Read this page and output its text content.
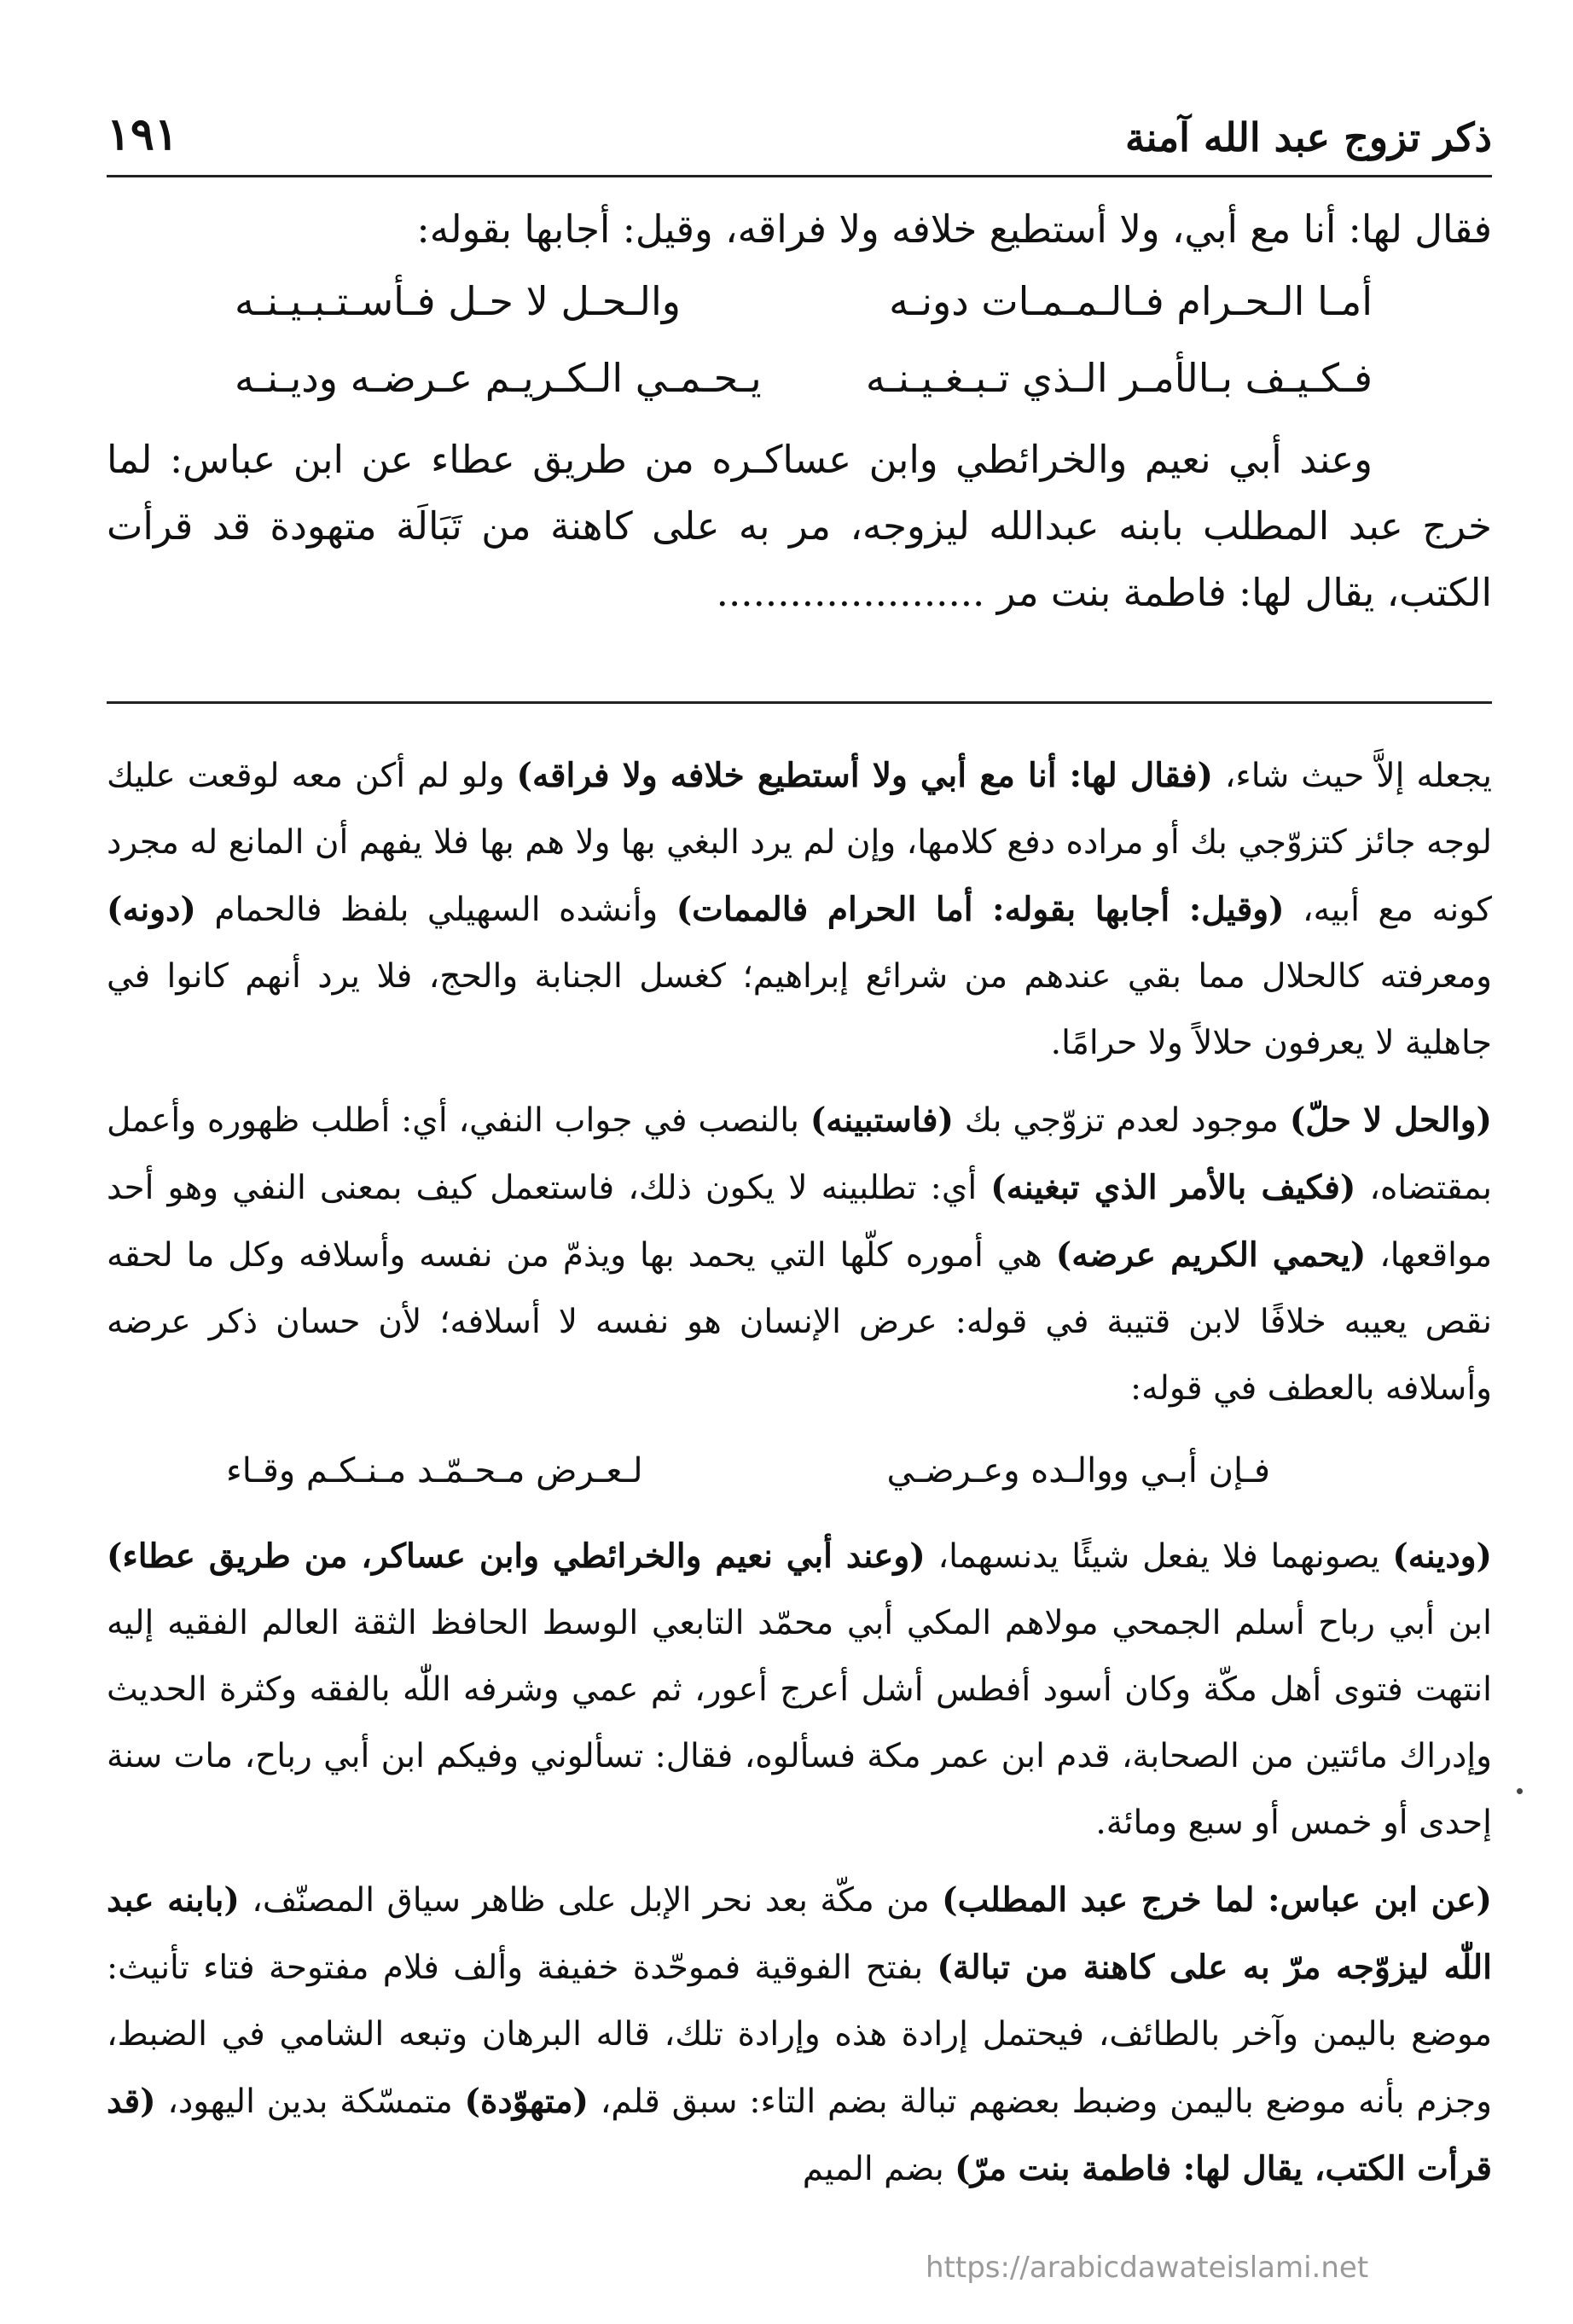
ذكر تزوج عبد الله آمنة
١٩١

فقال لها: أنا مع أبي، ولا أستطيع خلافه ولا فراقه، وقيل: أجابها بقوله:

أمـا الـحـرام فـالـمـمـات دونـه
والـحـل لا حـل فـأسـتـبـيـنـه
فـكـيـف بـالأمـر الـذي تـبـغـيـنـه
يـحـمـي الـكـريـم عـرضـه وديـنـه

وعند أبي نعيم والخرائطي وابن عساكـره من طريق عطاء عن ابن عباس: لما خرج عبد المطلب بابنه عبدالله ليزوجه، مر به على كاهنة من تَبَالَة متهودة قد قرأت الكتب، يقال لها: فاطمة بنت مر ......................

يجعله إلاَّ حيث شاء، (فقال لها: أنا مع أبي ولا أستطيع خلافه ولا فراقه) ولو لم أكن معه لوقعت عليك لوجه جائز كتزوّجي بك أو مراده دفع كلامها، وإن لم يرد البغي بها ولا هم بها فلا يفهم أن المانع له مجرد كونه مع أبيه، (وقيل: أجابها بقوله: أما الحرام فالممات) وأنشده السهيلي بلفظ فالحمام (دونه) ومعرفته كالحلال مما بقي عندهم من شرائع إبراهيم؛ كغسل الجنابة والحج، فلا يرد أنهم كانوا في جاهلية لا يعرفون حلالاً ولا حرامًا.

(والحل لا حلّ) موجود لعدم تزوّجي بك (فاستبينه) بالنصب في جواب النفي، أي: أطلب ظهوره وأعمل بمقتضاه، (فكيف بالأمر الذي تبغينه) أي: تطلبينه لا يكون ذلك، فاستعمل كيف بمعنى النفي وهو أحد مواقعها، (يحمي الكريم عرضه) هي أموره كلّها التي يحمد بها ويذمّ من نفسه وأسلافه وكل ما لحقه نقص يعيبه خلافًا لابن قتيبة في قوله: عرض الإنسان هو نفسه لا أسلافه؛ لأن حسان ذكر عرضه وأسلافه بالعطف في قوله:

فـإن أبـي ووالـده وعـرضـي
لـعـرض مـحـمّـد مـنـكـم وقـاء

(ودينه) يصونهما فلا يفعل شيئًا يدنسهما، (وعند أبي نعيم والخرائطي وابن عساكر، من طريق عطاء) ابن أبي رباح أسلم الجمحي مولاهم المكي أبي محمّد التابعي الوسط الحافظ الثقة العالم الفقيه إليه انتهت فتوى أهل مكّة وكان أسود أفطس أشل أعرج أعور، ثم عمي وشرفه اللّٰه بالفقه وكثرة الحديث وإدراك مائتين من الصحابة، قدم ابن عمر مكة فسألوه، فقال: تسألوني وفيكم ابن أبي رباح، مات سنة إحدى أو خمس أو سبع ومائة.

(عن ابن عباس: لما خرج عبد المطلب) من مكّة بعد نحر الإبل على ظاهر سياق المصنّف، (بابنه عبد اللّٰه ليزوّجه مرّ به على كاهنة من تبالة) بفتح الفوقية فموحّدة خفيفة وألف فلام مفتوحة فتاء تأنيث: موضع باليمن وآخر بالطائف، فيحتمل إرادة هذه وإرادة تلك، قاله البرهان وتبعه الشامي في الضبط، وجزم بأنه موضع باليمن وضبط بعضهم تبالة بضم التاء: سبق قلم، (متهوّدة) متمسّكة بدين اليهود، (قد قرأت الكتب، يقال لها: فاطمة بنت مرّ) بضم الميم

https://arabicdawateislami.net
